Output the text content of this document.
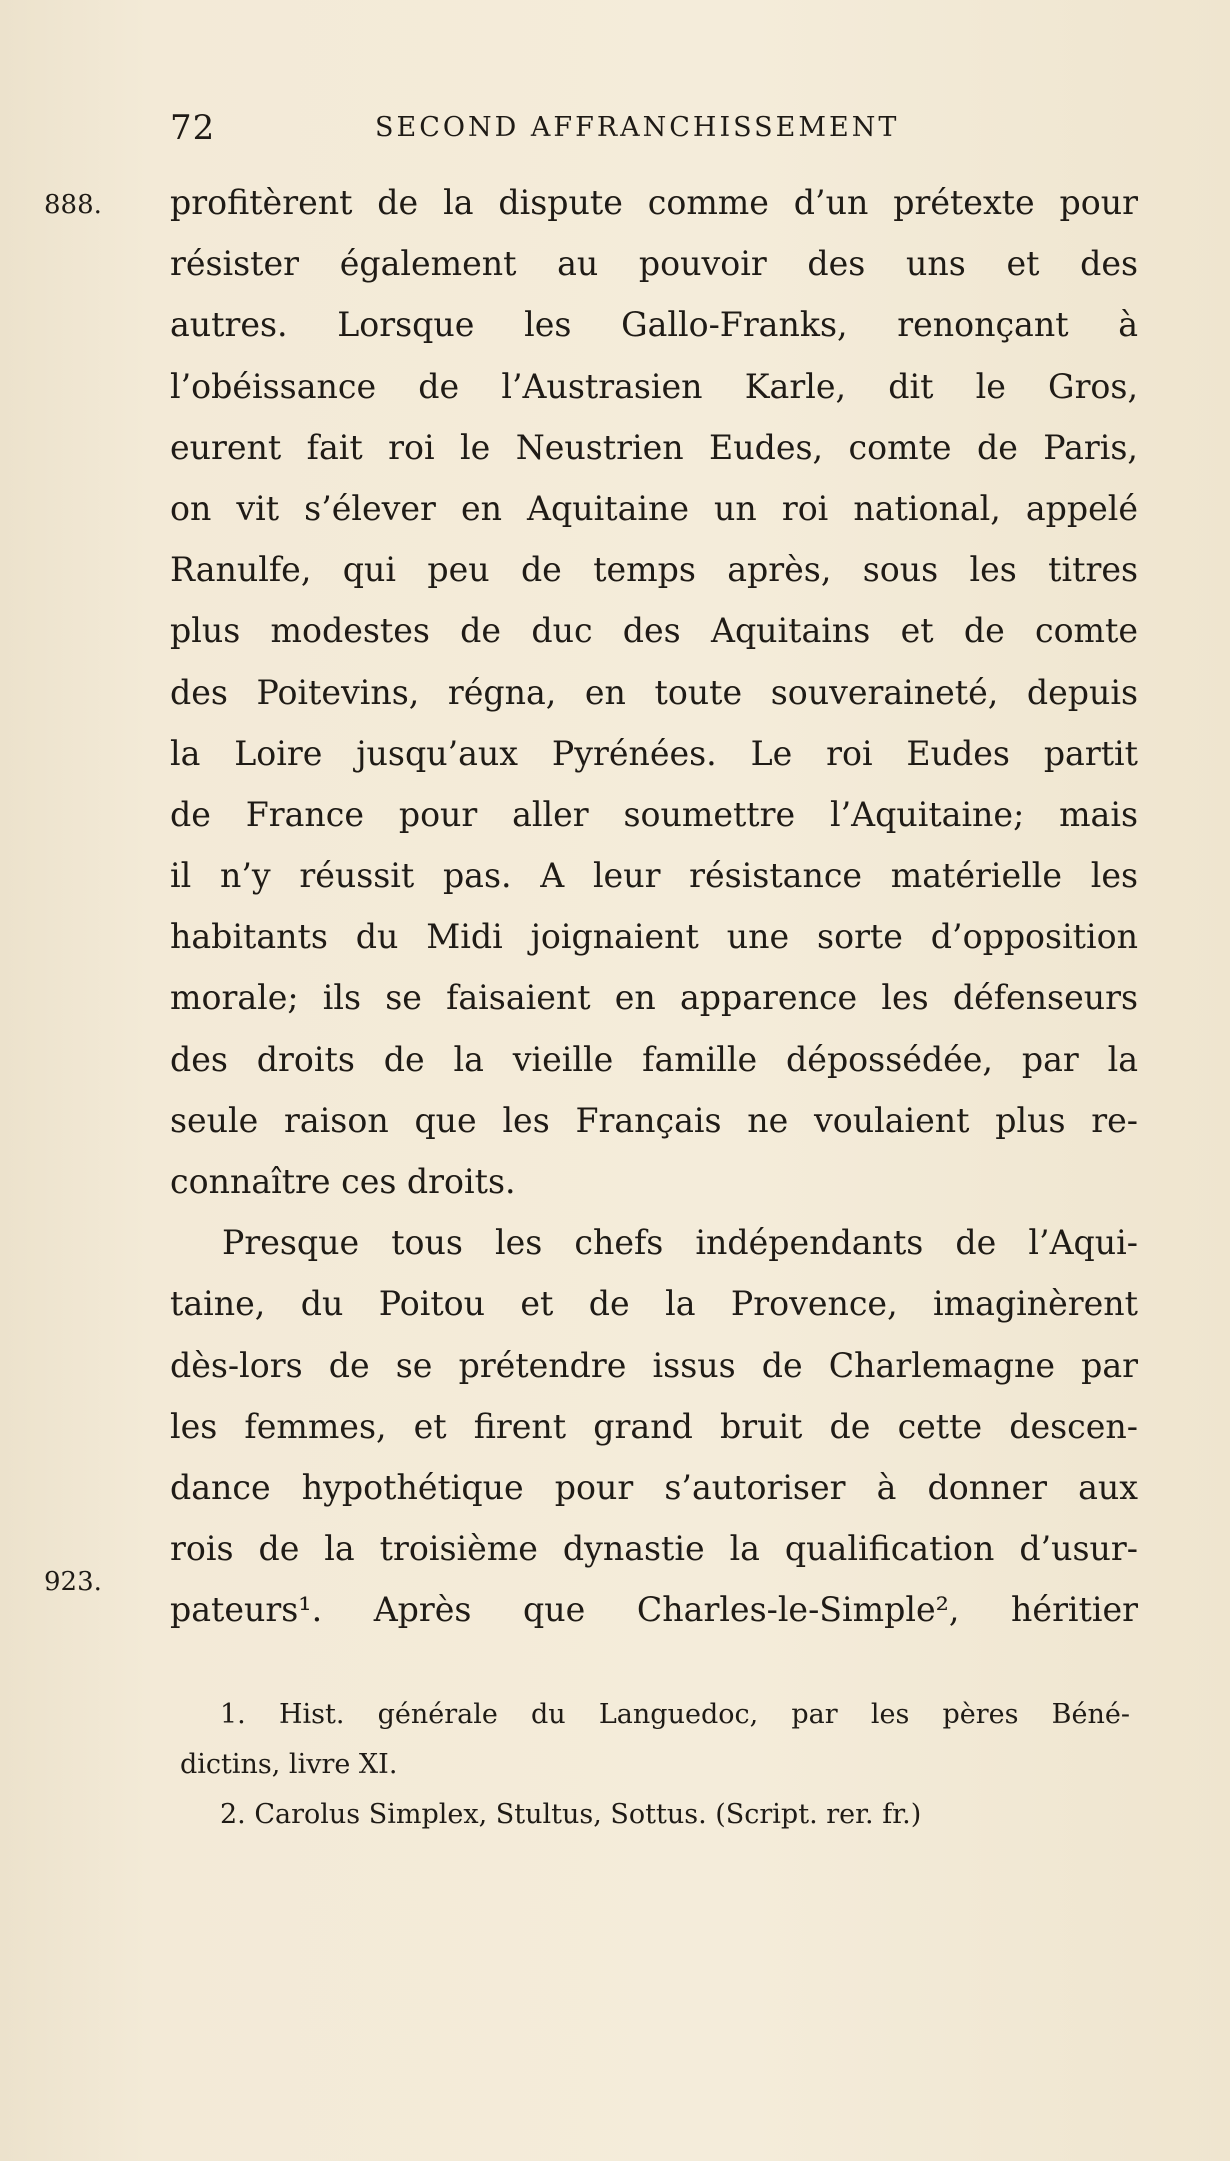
72	SECOND AFFRANCHISSEMENT
888.
923.
profitèrent de la dispute comme d’un prétexte pour
résister également au pouvoir des uns et des
autres. Lorsque les Gallo-Franks, renonçant à
l’obéissance de l’Austrasien Karle, dit le Gros,
eurent fait roi le Neustrien Eudes, comte de Paris,
on vit s’élever en Aquitaine un roi national, appelé
Ranulfe, qui peu de temps après, sous les titres
plus modestes de duc des Aquitains et de comte
des Poitevins, régna, en toute souveraineté, depuis
la Loire jusqu’aux Pyrénées. Le roi Eudes partit
de France pour aller soumettre l’Aquitaine; mais
il n’y réussit pas. A leur résistance matérielle les
habitants du Midi joignaient une sorte d’opposition
morale; ils se faisaient en apparence les défenseurs
des droits de la vieille famille dépossédée, par la
seule raison que les Français ne voulaient plus re-
connaître ces droits.
Presque tous les chefs indépendants de l’Aqui-
taine, du Poitou et de la Provence, imaginèrent
dès-lors de se prétendre issus de Charlemagne par
les femmes, et firent grand bruit de cette descen-
dance hypothétique pour s’autoriser à donner aux
rois de la troisième dynastie la qualification d’usur-
pateurs¹. Après que Charles-le-Simple², héritier
1. Hist. générale du Languedoc, par les pères Béné-
dictins, livre XI.
2. Carolus Simplex, Stultus, Sottus. (Script. rer. fr.)
